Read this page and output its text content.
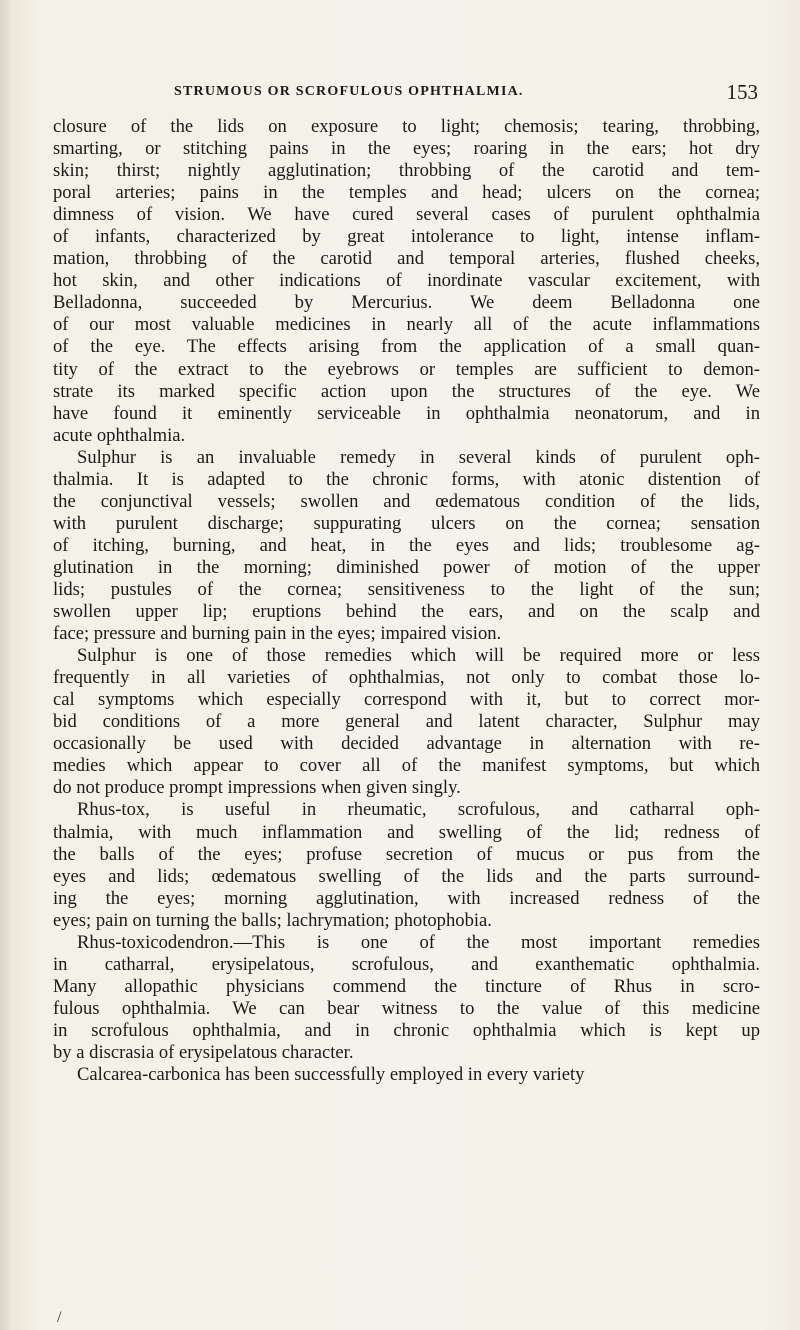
STRUMOUS OR SCROFULOUS OPHTHALMIA.	153
closure of the lids on exposure to light; chemosis; tearing, throbbing,
smarting, or stitching pains in the eyes; roaring in the ears; hot dry
skin; thirst; nightly agglutination; throbbing of the carotid and tem-
poral arteries; pains in the temples and head; ulcers on the cornea;
dimness of vision. We have cured several cases of purulent ophthalmia
of infants, characterized by great intolerance to light, intense inflam-
mation, throbbing of the carotid and temporal arteries, flushed cheeks,
hot skin, and other indications of inordinate vascular excitement, with
Belladonna, succeeded by Mercurius. We deem Belladonna one
of our most valuable medicines in nearly all of the acute inflammations
of the eye. The effects arising from the application of a small quan-
tity of the extract to the eyebrows or temples are sufficient to demon-
strate its marked specific action upon the structures of the eye. We
have found it eminently serviceable in ophthalmia neonatorum, and in
acute ophthalmia.
Sulphur is an invaluable remedy in several kinds of purulent oph-
thalmia. It is adapted to the chronic forms, with atonic distention of
the conjunctival vessels; swollen and œdematous condition of the lids,
with purulent discharge; suppurating ulcers on the cornea; sensation
of itching, burning, and heat, in the eyes and lids; troublesome ag-
glutination in the morning; diminished power of motion of the upper
lids; pustules of the cornea; sensitiveness to the light of the sun;
swollen upper lip; eruptions behind the ears, and on the scalp and
face; pressure and burning pain in the eyes; impaired vision.
Sulphur is one of those remedies which will be required more or less
frequently in all varieties of ophthalmias, not only to combat those lo-
cal symptoms which especially correspond with it, but to correct mor-
bid conditions of a more general and latent character, Sulphur may
occasionally be used with decided advantage in alternation with re-
medies which appear to cover all of the manifest symptoms, but which
do not produce prompt impressions when given singly.
Rhus-tox, is useful in rheumatic, scrofulous, and catharral oph-
thalmia, with much inflammation and swelling of the lid; redness of
the balls of the eyes; profuse secretion of mucus or pus from the
eyes and lids; œdematous swelling of the lids and the parts surround-
ing the eyes; morning agglutination, with increased redness of the
eyes; pain on turning the balls; lachrymation; photophobia.
Rhus-toxicodendron.—This is one of the most important remedies
in catharral, erysipelatous, scrofulous, and exanthematic ophthalmia.
Many allopathic physicians commend the tincture of Rhus in scro-
fulous ophthalmia. We can bear witness to the value of this medicine
in scrofulous ophthalmia, and in chronic ophthalmia which is kept up
by a discrasia of erysipelatous character.
Calcarea-carbonica has been successfully employed in every variety
/
